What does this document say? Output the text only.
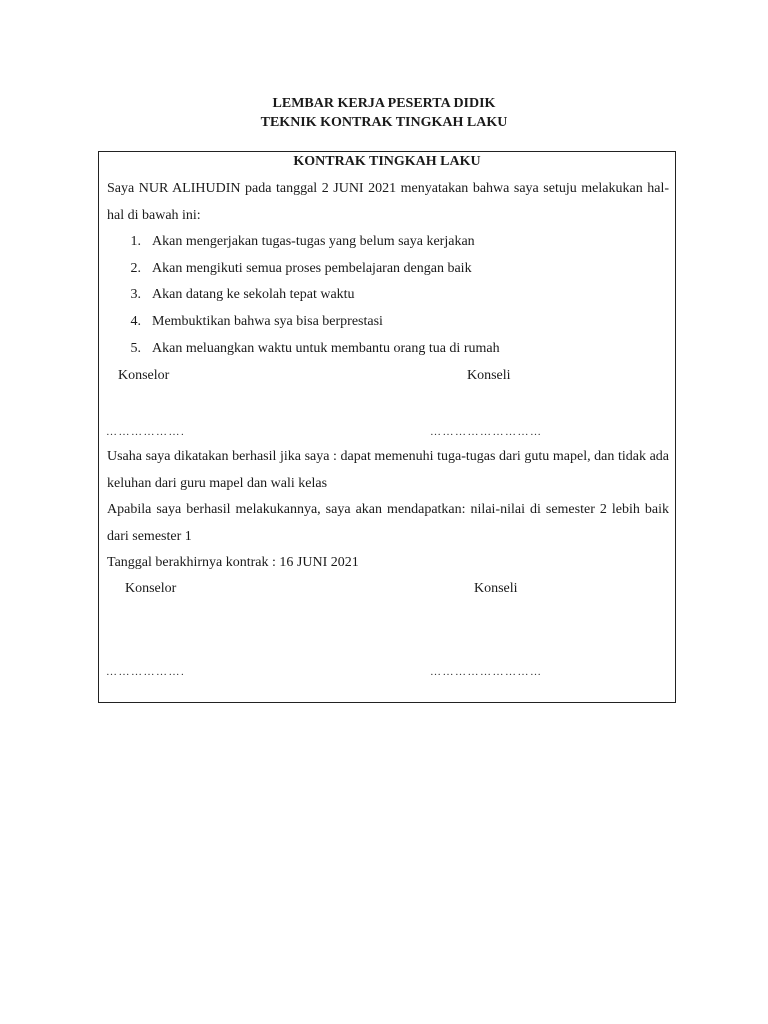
LEMBAR KERJA PESERTA DIDIK
TEKNIK KONTRAK TINGKAH LAKU
KONTRAK TINGKAH LAKU
Saya NUR ALIHUDIN pada tanggal 2 JUNI 2021 menyatakan bahwa saya setuju melakukan hal-hal di bawah ini:
1. Akan mengerjakan tugas-tugas yang belum saya kerjakan
2. Akan mengikuti semua proses pembelajaran dengan baik
3. Akan datang ke sekolah tepat waktu
4. Membuktikan bahwa sya bisa berprestasi
5. Akan meluangkan waktu untuk membantu orang tua di rumah
Konselor	Konseli
……………….	………………………
Usaha saya dikatakan berhasil jika saya : dapat memenuhi tuga-tugas dari gutu mapel, dan tidak ada keluhan dari guru mapel dan wali kelas
Apabila saya berhasil melakukannya, saya akan mendapatkan: nilai-nilai di semester 2 lebih baik dari semester 1
Tanggal berakhirnya kontrak : 16 JUNI 2021
Konselor	Konseli
……………….	………………………
